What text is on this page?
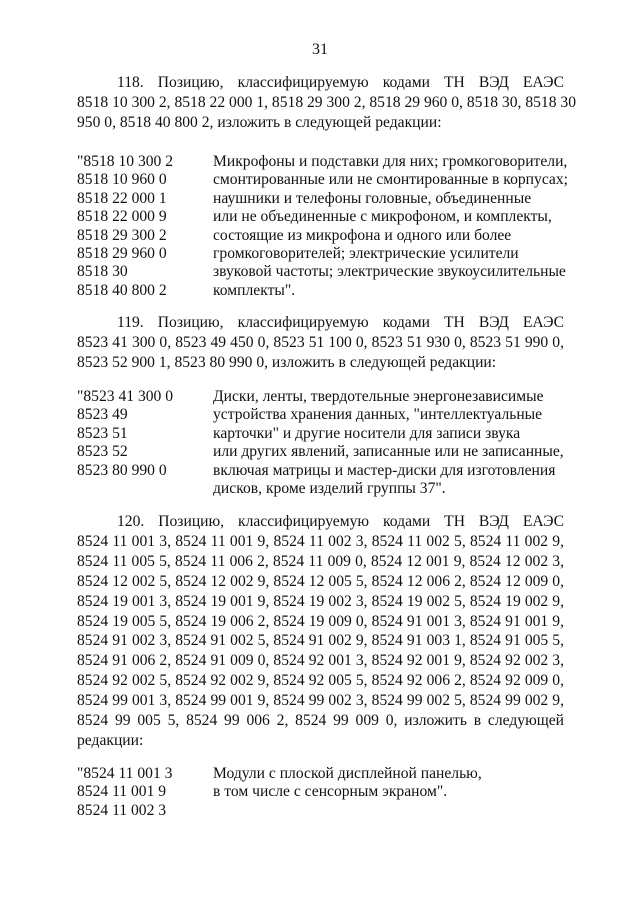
31
118. Позицию, классифицируемую кодами ТН ВЭД ЕАЭС
8518 10 300 2, 8518 22 000 1, 8518 29 300 2, 8518 29 960 0, 8518 30, 8518 30
950 0, 8518 40 800 2, изложить в следующей редакции:
"8518 10 300 2
8518 10 960 0
8518 22 000 1
8518 22 000 9
8518 29 300 2
8518 29 960 0
8518 30
8518 40 800 2
Микрофоны и подставки для них; громкоговорители,
смонтированные или не смонтированные в корпусах;
наушники и телефоны головные, объединенные
или не объединенные с микрофоном, и комплекты,
состоящие из микрофона и одного или более
громкоговорителей; электрические усилители
звуковой частоты; электрические звукоусилительные
комплекты".
119. Позицию, классифицируемую кодами ТН ВЭД ЕАЭС
8523 41 300 0, 8523 49 450 0, 8523 51 100 0, 8523 51 930 0, 8523 51 990 0,
8523 52 900 1, 8523 80 990 0, изложить в следующей редакции:
"8523 41 300 0
8523 49
8523 51
8523 52
8523 80 990 0
Диски, ленты, твердотельные энергонезависимые
устройства хранения данных, "интеллектуальные
карточки" и другие носители для записи звука
или других явлений, записанные или не записанные,
включая матрицы и мастер-диски для изготовления
дисков, кроме изделий группы 37".
120. Позицию, классифицируемую кодами ТН ВЭД ЕАЭС
8524 11 001 3, 8524 11 001 9, 8524 11 002 3, 8524 11 002 5, 8524 11 002 9,
8524 11 005 5, 8524 11 006 2, 8524 11 009 0, 8524 12 001 9, 8524 12 002 3,
8524 12 002 5, 8524 12 002 9, 8524 12 005 5, 8524 12 006 2, 8524 12 009 0,
8524 19 001 3, 8524 19 001 9, 8524 19 002 3, 8524 19 002 5, 8524 19 002 9,
8524 19 005 5, 8524 19 006 2, 8524 19 009 0, 8524 91 001 3, 8524 91 001 9,
8524 91 002 3, 8524 91 002 5, 8524 91 002 9, 8524 91 003 1, 8524 91 005 5,
8524 91 006 2, 8524 91 009 0, 8524 92 001 3, 8524 92 001 9, 8524 92 002 3,
8524 92 002 5, 8524 92 002 9, 8524 92 005 5, 8524 92 006 2, 8524 92 009 0,
8524 99 001 3, 8524 99 001 9, 8524 99 002 3, 8524 99 002 5, 8524 99 002 9,
8524 99 005 5, 8524 99 006 2, 8524 99 009 0, изложить в следующей
редакции:
"8524 11 001 3
8524 11 001 9
8524 11 002 3
Модули с плоской дисплейной панелью,
в том числе с сенсорным экраном".
